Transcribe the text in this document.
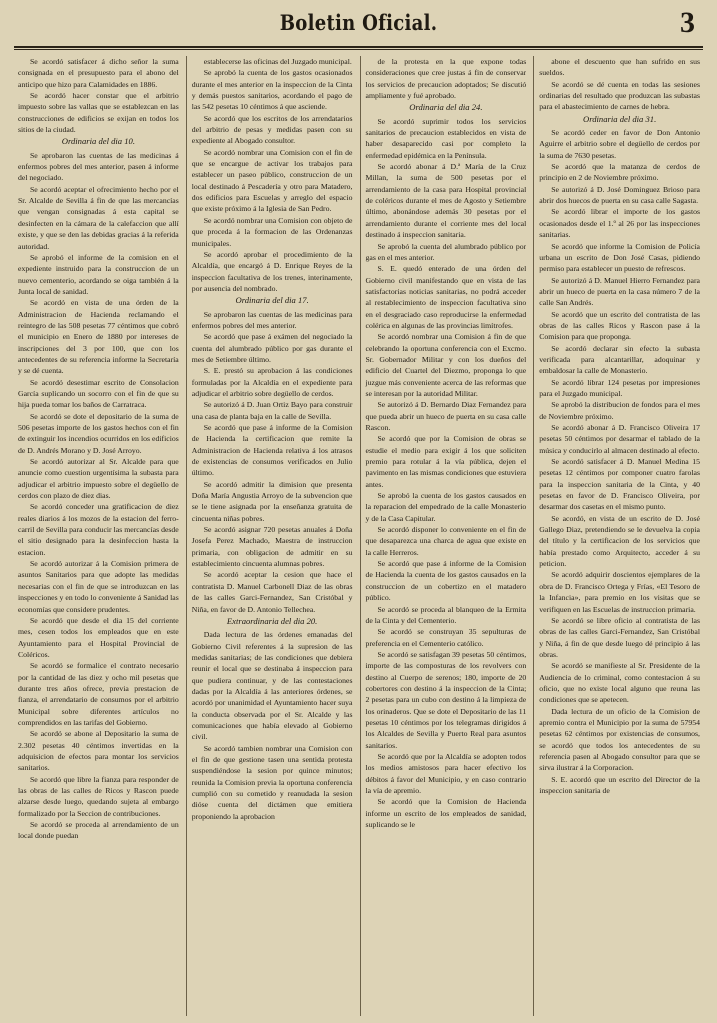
Boletin Oficial.	3

Se acordó satisfacer á dicho señor la suma consignada en el presupuesto para el abono del anticipo que hizo para Calamidades en 1886.

Se acordó hacer constar que el arbitrio impuesto sobre las vallas que se establezcan en las construcciones de edificios se exijan en todos los sitios de la ciudad.

Ordinaria del dia 10.

Se aprobaron las cuentas de las medicinas á enfermos pobres del mes anterior, pasen á informe del negociado.

Se acordó aceptar el ofrecimiento hecho por el Sr. Alcalde de Sevilla á fin de que las mercancías que vengan consignadas á esta capital se desinfecten en la cámara de la calefaccion que allí existe, y que se den las debidas gracias á la referida autoridad.

Se aprobó el informe de la comision en el expediente instruido para la construccion de un nuevo cementerio, acordando se oiga también á la Junta local de sanidad.

Se acordó en vista de una órden de la Administracion de Hacienda reclamando el reintegro de las 508 pesetas 77 céntimos que cobró el municipio en Enero de 1880 por intereses de inscripciones del 3 por 100, que con los antecedentes de su referencia informe la Secretaría y se dé cuenta.

Se acordó desestimar escrito de Consolacion García suplicando un socorro con el fin de que su hija pueda tomar los baños de Carratraca.

Se acordó se dote el depositario de la suma de 506 pesetas importe de los gastos hechos con el fin de extinguir los incendios ocurridos en los edificios de D. Andrés Morano y D. José Arroyo.

Se acordó autorizar al Sr. Alcalde para que anuncie como cuestion urgentísima la subasta para adjudicar el arbitrio impuesto sobre el degüello de cerdos con plazo de diez dias.

Se acordó conceder una gratificacion de diez reales diarios á los mozos de la estacion del ferro-carril de Sevilla para conducir las mercancías desde el sitio designado para la desinfeccion hasta la estacion.

Se acordó autorizar á la Comision primera de asuntos Sanitarios para que adopte las medidas necesarias con el fin de que se introduzcan en las inspecciones y en todo lo conveniente á Sanidad las economías que considere prudentes.

Se acordó que desde el dia 15 del corriente mes, cesen todos los empleados que en este Ayuntamiento para el Hospital Provincial de Coléricos.

Se acordó se formalice el contrato necesario por la cantidad de las diez y ocho mil pesetas que durante tres años ofrece, previa prestacion de fianza, el arrendatario de consumos por el arbitrio Municipal sobre diferentes artículos no comprendidos en las tarifas del Gobierno.

Se acordó se abone al Depositario la suma de 2.302 pesetas 40 céntimos invertidas en la adquisicion de efectos para montar los servicios sanitarios.

Se acordó que libre la fianza para responder de las obras de las calles de Ricos y Rascon puede alzarse desde luego, quedando sujeta al embargo formalizado por la Seccion de contribuciones.

Se acordó se proceda al arrendamiento de un local donde puedan

establecerse las oficinas del Juzgado municipal.

Se aprobó la cuenta de los gastos ocasionados durante el mes anterior en la inspeccion de la Cinta y demás puestos sanitarios, acordando el pago de las 542 pesetas 10 céntimos á que asciende.

Se acordó que los escritos de los arrendatarios del arbitrio de pesas y medidas pasen con su expediente al Abogado consultor.

Se acordó nombrar una Comision con el fin de que se encargue de activar los trabajos para establecer un paseo público, construccion de un local destinado á Pescadería y otro para Matadero, dos edificios para Escuelas y arreglo del espacio que existe próximo á la Iglesia de San Pedro.

Se acordó nombrar una Comision con objeto de que proceda á la formacion de las Ordenanzas municipales.

Se acordó aprobar el procedimiento de la Alcaldía, que encargó á D. Enrique Reyes de la inspeccion facultativa de los trenes, interinamente, por ausencia del nombrado.

Ordinaria del dia 17.

Se aprobaron las cuentas de las medicinas para enfermos pobres del mes anterior.

Se acordó que pase á exámen del negociado la cuenta del alumbrado público por gas durante el mes de Setiembre último.

S. E. prestó su aprobacion á las condiciones formuladas por la Alcaldía en el expediente para adjudicar el arbitrio sobre degüello de cerdos.

Se autorizó á D. Juan Ortiz Bayo para construir una casa de planta baja en la calle de Sevilla.

Se acordó que pase á informe de la Comision de Hacienda la certificacion que remite la Administracion de Hacienda relativa á los atrasos de existencias de consumos verificados en Julio último.

Se acordó admitir la dimision que presenta Doña María Angustia Arroyo de la subvencion que se le tiene asignada por la enseñanza gratuita de cincuenta niñas pobres.

Se acordó asignar 720 pesetas anuales á Doña Josefa Perez Machado, Maestra de instruccion primaria, con obligacion de admitir en su establecimiento cincuenta alumnas pobres.

Se acordó aceptar la cesion que hace el contratista D. Manuel Carbonell Diaz de las obras de las calles Garci-Fernandez, San Cristóbal y Niña, en favor de D. Antonio Tellechea.

Extraordinaria del dia 20.

Dada lectura de las órdenes emanadas del Gobierno Civil referentes á la supresion de las medidas sanitarias; de las condiciones que debiera reunir el local que se destinaba á inspeccion para que pudiera continuar, y de las contestaciones dadas por la Alcaldía á las anteriores órdenes, se acordó por unanimidad el Ayuntamiento hacer suya la conducta observada por el Sr. Alcalde y las comunicaciones que había elevado al Gobierno civil.

Se acordó tambien nombrar una Comision con el fin de que gestione tasen una sentida protesta suspendiéndose la sesion por quince minutos; reunida la Comision previa la oportuna conferencia cumplió con su cometido y reanudada la sesion dióse cuenta del dictámen que emitiera proponiendo la aprobacion

de la protesta en la que expone todas consideraciones que cree justas á fin de conservar los servicios de precaucion adoptados; Se discutió ampliamente y fué aprobado.

Ordinaria del dia 24.

Se acordó suprimir todos los servicios sanitarios de precaucion establecidos en vista de haber desaparecido casi por completo la enfermedad epidémica en la Península.

Se acordó abonar á D.ª María de la Cruz Millan, la suma de 500 pesetas por el arrendamiento de la casa para Hospital provincial de coléricos durante el mes de Agosto y Setiembre último, abonándose además 30 pesetas por el arrendamiento durante el corriente mes del local destinado á inspeccion sanitaria.

Se aprobó la cuenta del alumbrado público por gas en el mes anterior.

S. E. quedó enterado de una órden del Gobierno civil manifestando que en vista de las satisfactorias noticias sanitarias, no podrá acceder al restablecimiento de inspeccion facultativa sino en el desgraciado caso reproducirse la enfermedad colérica en algunas de las provincias limítrofes.

Se acordó nombrar una Comision á fin de que celebrando la oportuna conferencia con el Excmo. Sr. Gobernador Militar y con los dueños del edificio del Cuartel del Diezmo, proponga lo que juzgue más conveniente acerca de las reformas que se interesan por la autoridad Militar.

Se autorizó á D. Bernardo Diaz Fernandez para que pueda abrir un hueco de puerta en su casa calle Rascon.

Se acordó que por la Comision de obras se estudie el medio para exigir á los que soliciten premio para rotular á la vía pública, dejen el pavimento en las mismas condiciones que estuviera antes.

Se aprobó la cuenta de los gastos causados en la reparacion del empedrado de la calle Monasterio y de la Casa Capitular.

Se acordó disponer lo conveniente en el fin de que desaparezca una charca de agua que existe en la calle Herreros.

Se acordó que pase á informe de la Comision de Hacienda la cuenta de los gastos causados en la construccion de un cobertizo en el matadero público.

Se acordó se proceda al blanqueo de la Ermita de la Cinta y del Cementerio.

Se acordó se construyan 35 sepulturas de preferencia en el Cementerio católico.

Se acordó se satisfagan 39 pesetas 50 céntimos, importe de las composturas de los revolvers con destino al Cuerpo de serenos; 180, importe de 20 cobertores con destino á la inspeccion de la Cinta; 2 pesetas para un cubo con destino á la limpieza de los orinaderos. Que se dote el Depositario de las 11 pesetas 10 céntimos por los telegramas dirigidos á los Alcaldes de Sevilla y Puerto Real para asuntos sanitarios.

Se acordó que por la Alcaldía se adopten todos los medios amistosos para hacer efectivo los débitos á favor del Municipio, y en caso contrario la vía de apremio.

Se acordó que la Comision de Hacienda informe un escrito de los empleados de sanidad, suplicando se le

abone el descuento que han sufrido en sus sueldos.

Se acordó se dé cuenta en todas las sesiones ordinarias del resultado que produzcan las subastas para el abastecimiento de carnes de hebra.

Ordinaria del dia 31.

Se acordó ceder en favor de Don Antonio Aguirre el arbitrio sobre el degüello de cerdos por la suma de 7630 pesetas.

Se acordó que la matanza de cerdos de principio en 2 de Noviembre próximo.

Se autorizó á D. José Dominguez Brioso para abrir dos huecos de puerta en su casa calle Sagasta.

Se acordó librar el importe de los gastos ocasionados desde el 1.º al 26 por las inspecciones sanitarias.

Se acordó que informe la Comision de Policía urbana un escrito de Don José Casas, pidiendo permiso para establecer un puesto de refrescos.

Se autorizó á D. Manuel Hierro Fernandez para abrir un hueco de puerta en la casa número 7 de la calle San Andrés.

Se acordó que un escrito del contratista de las obras de las calles Ricos y Rascon pase á la Comision para que proponga.

Se acordó declarar sin efecto la subasta verificada para alcantarillar, adoquinar y embaldosar la calle de Monasterio.

Se acordó librar 124 pesetas por impresiones para el Juzgado municipal.

Se aprobó la distribucion de fondos para el mes de Noviembre próximo.

Se acordó abonar á D. Francisco Oliveira 17 pesetas 50 céntimos por desarmar el tablado de la música y conducirlo al almacen destinado al efecto.

Se acordó satisfacer á D. Manuel Medina 15 pesetas 12 céntimos por componer cuatro farolas para la inspeccion sanitaria de la Cinta, y 40 pesetas en favor de D. Francisco Oliveira, por desarmar dos casetas en el mismo punto.

Se acordó, en vista de un escrito de D. José Gallego Diaz, pretendiendo se le devuelva la copia del título y la certificacion de los servicios que había prestado como Arquitecto, acceder á su peticion.

Se acordó adquirir doscientos ejemplares de la obra de D. Francisco Ortega y Frías, «El Tesoro de la Infancia», para premio en los visitas que se verifiquen en las Escuelas de instruccion primaria.

Se acordó se libre oficio al contratista de las obras de las calles Garci-Fernandez, San Cristóbal y Niña, á fin de que desde luego dé principio á las obras.

Se acordó se manifieste al Sr. Presidente de la Audiencia de lo criminal, como contestacion á su oficio, que no existe local alguno que reuna las condiciones que se apetecen.

Dada lectura de un oficio de la Comision de apremio contra el Municipio por la suma de 57954 pesetas 62 céntimos por existencias de consumos, se acordó que todos los antecedentes de su referencia pasen al Abogado consultor para que se sirva ilustrar á la Corporacion.

S. E. acordó que un escrito del Director de la inspeccion sanitaria de
